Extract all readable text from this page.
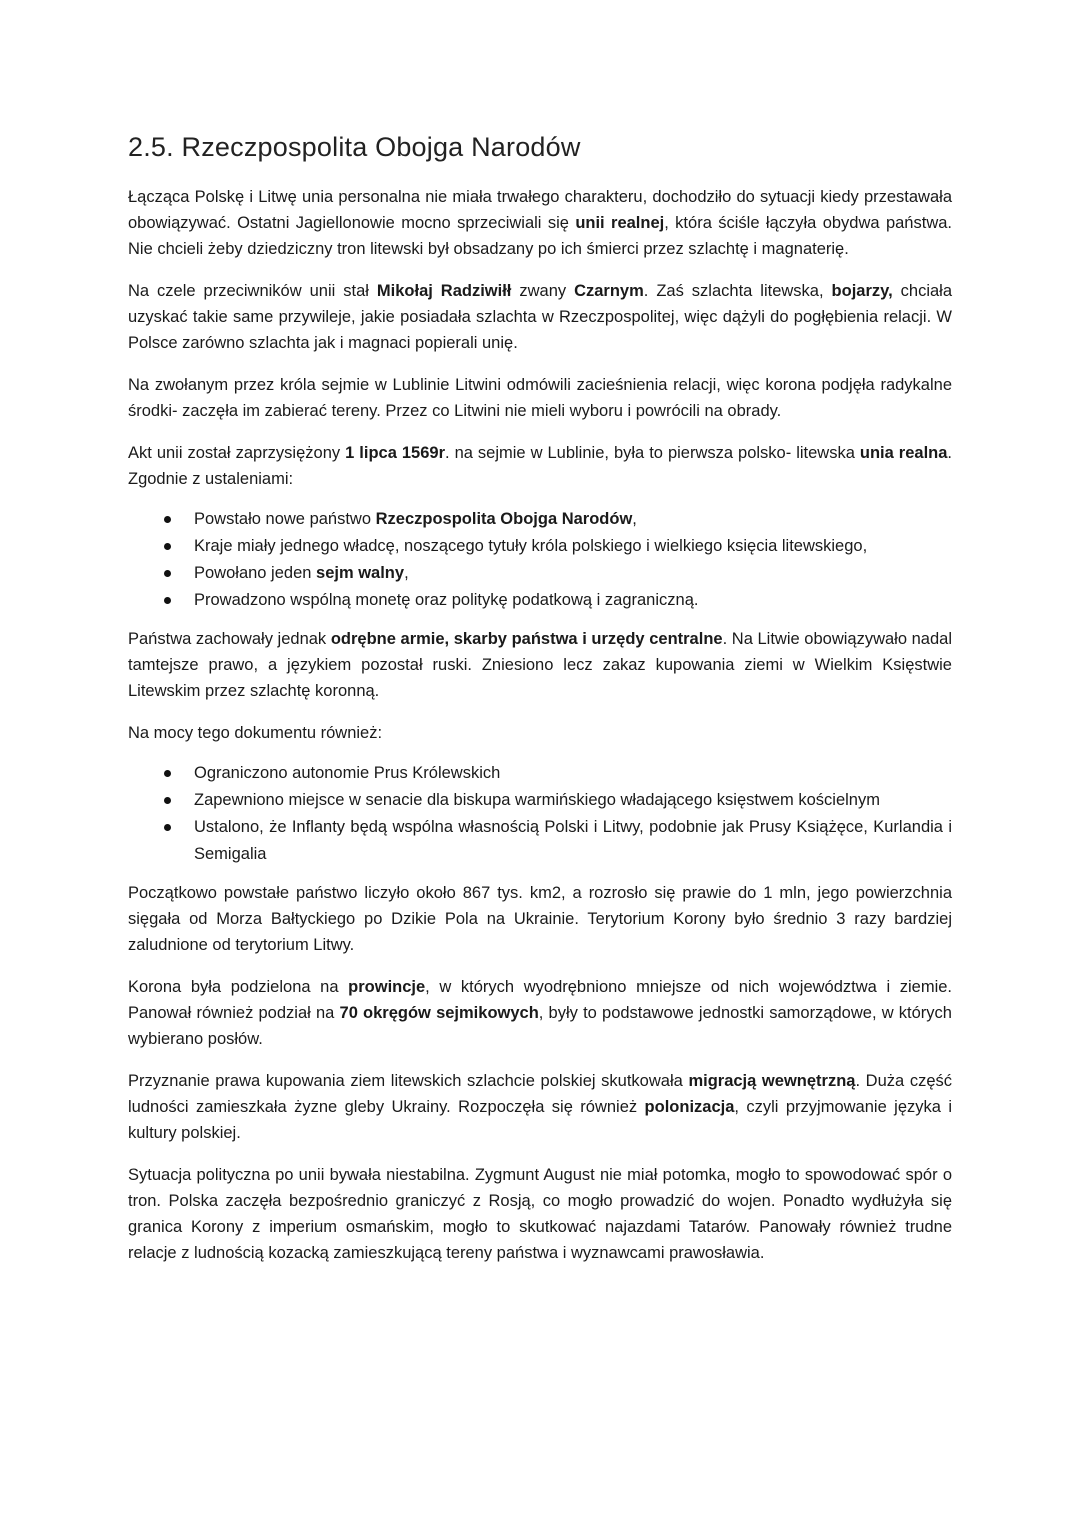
2.5. Rzeczpospolita Obojga Narodów

Łącząca Polskę i Litwę unia personalna nie miała trwałego charakteru, dochodziło do sytuacji kiedy przestawała obowiązywać. Ostatni Jagiellonowie mocno sprzeciwiali się unii realnej, która ściśle łączyła obydwa państwa. Nie chcieli żeby dziedziczny tron litewski był obsadzany po ich śmierci przez szlachtę i magnaterię.

Na czele przeciwników unii stał Mikołaj Radziwiłł zwany Czarnym. Zaś szlachta litewska, bojarzy, chciała uzyskać takie same przywileje, jakie posiadała szlachta w Rzeczpospolitej, więc dążyli do pogłębienia relacji. W Polsce zarówno szlachta jak i magnaci popierali unię.

Na zwołanym przez króla sejmie w Lublinie Litwini odmówili zacieśnienia relacji, więc korona podjęła radykalne środki- zaczęła im zabierać tereny. Przez co Litwini nie mieli wyboru i powrócili na obrady.

Akt unii został zaprzysiężony 1 lipca 1569r. na sejmie w Lublinie, była to pierwsza polsko- litewska unia realna. Zgodnie z ustaleniami:

Powstało nowe państwo Rzeczpospolita Obojga Narodów,
Kraje miały jednego władcę, noszącego tytuły króla polskiego i wielkiego księcia litewskiego,
Powołano jeden sejm walny,
Prowadzono wspólną monetę oraz politykę podatkową i zagraniczną.

Państwa zachowały jednak odrębne armie, skarby państwa i urzędy centralne. Na Litwie obowiązywało nadal tamtejsze prawo, a językiem pozostał ruski. Zniesiono lecz zakaz kupowania ziemi w Wielkim Księstwie Litewskim przez szlachtę koronną.

Na mocy tego dokumentu również:

Ograniczono autonomie Prus Królewskich
Zapewniono miejsce w senacie dla biskupa warmińskiego władającego księstwem kościelnym
Ustalono, że Inflanty będą wspólna własnością Polski i Litwy, podobnie jak Prusy Książęce, Kurlandia i Semigalia

Początkowo powstałe państwo liczyło około 867 tys. km2, a rozrosło się prawie do 1 mln, jego powierzchnia sięgała od Morza Bałtyckiego po Dzikie Pola na Ukrainie. Terytorium Korony było średnio 3 razy bardziej zaludnione od terytorium Litwy.

Korona była podzielona na prowincje, w których wyodrębniono mniejsze od nich województwa i ziemie. Panował również podział na 70 okręgów sejmikowych, były to podstawowe jednostki samorządowe, w których wybierano posłów.

Przyznanie prawa kupowania ziem litewskich szlachcie polskiej skutkowała migracją wewnętrzną. Duża część ludności zamieszkała żyzne gleby Ukrainy. Rozpoczęła się również polonizacja, czyli przyjmowanie języka i kultury polskiej.

Sytuacja polityczna po unii bywała niestabilna. Zygmunt August nie miał potomka, mogło to spowodować spór o tron. Polska zaczęła bezpośrednio graniczyć z Rosją, co mogło prowadzić do wojen. Ponadto wydłużyła się granica Korony z imperium osmańskim, mogło to skutkować najazdami Tatarów. Panowały również trudne relacje z ludnością kozacką zamieszkującą tereny państwa i wyznawcami prawosławia.
